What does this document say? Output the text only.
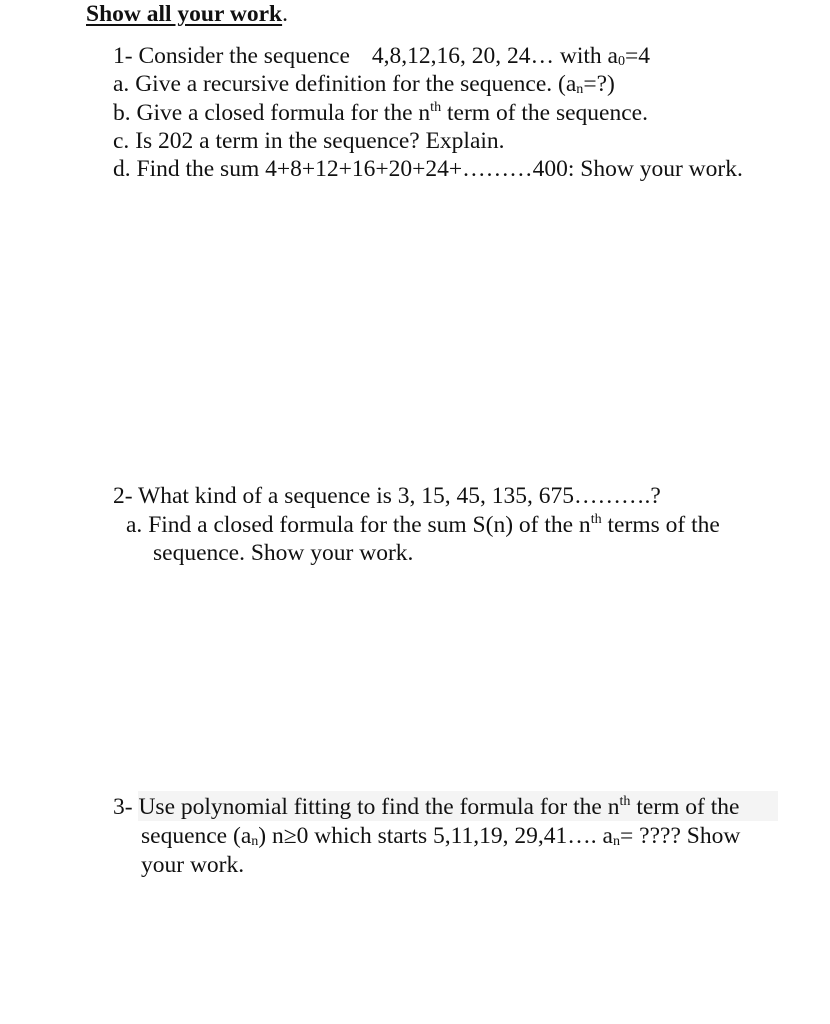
Show all your work.
1- Consider the sequence 4,8,12,16, 20, 24… with $a_0=4$
a. Give a recursive definition for the sequence. $(a_n=?)$
b. Give a closed formula for the $n^{th}$ term of the sequence.
c. Is 202 a term in the sequence? Explain.
d. Find the sum 4+8+12+16+20+24+………400: Show your work.
2- What kind of a sequence is 3, 15, 45, 135, 675……….?
a. Find a closed formula for the sum S(n) of the $n^{th}$ terms of the
sequence. Show your work.
3- Use polynomial fitting to find the formula for the $n^{th}$ term of the
sequence $(a_n)$ n≥0 which starts 5,11,19, 29,41…. $a_n=$ ???? Show
your work.
